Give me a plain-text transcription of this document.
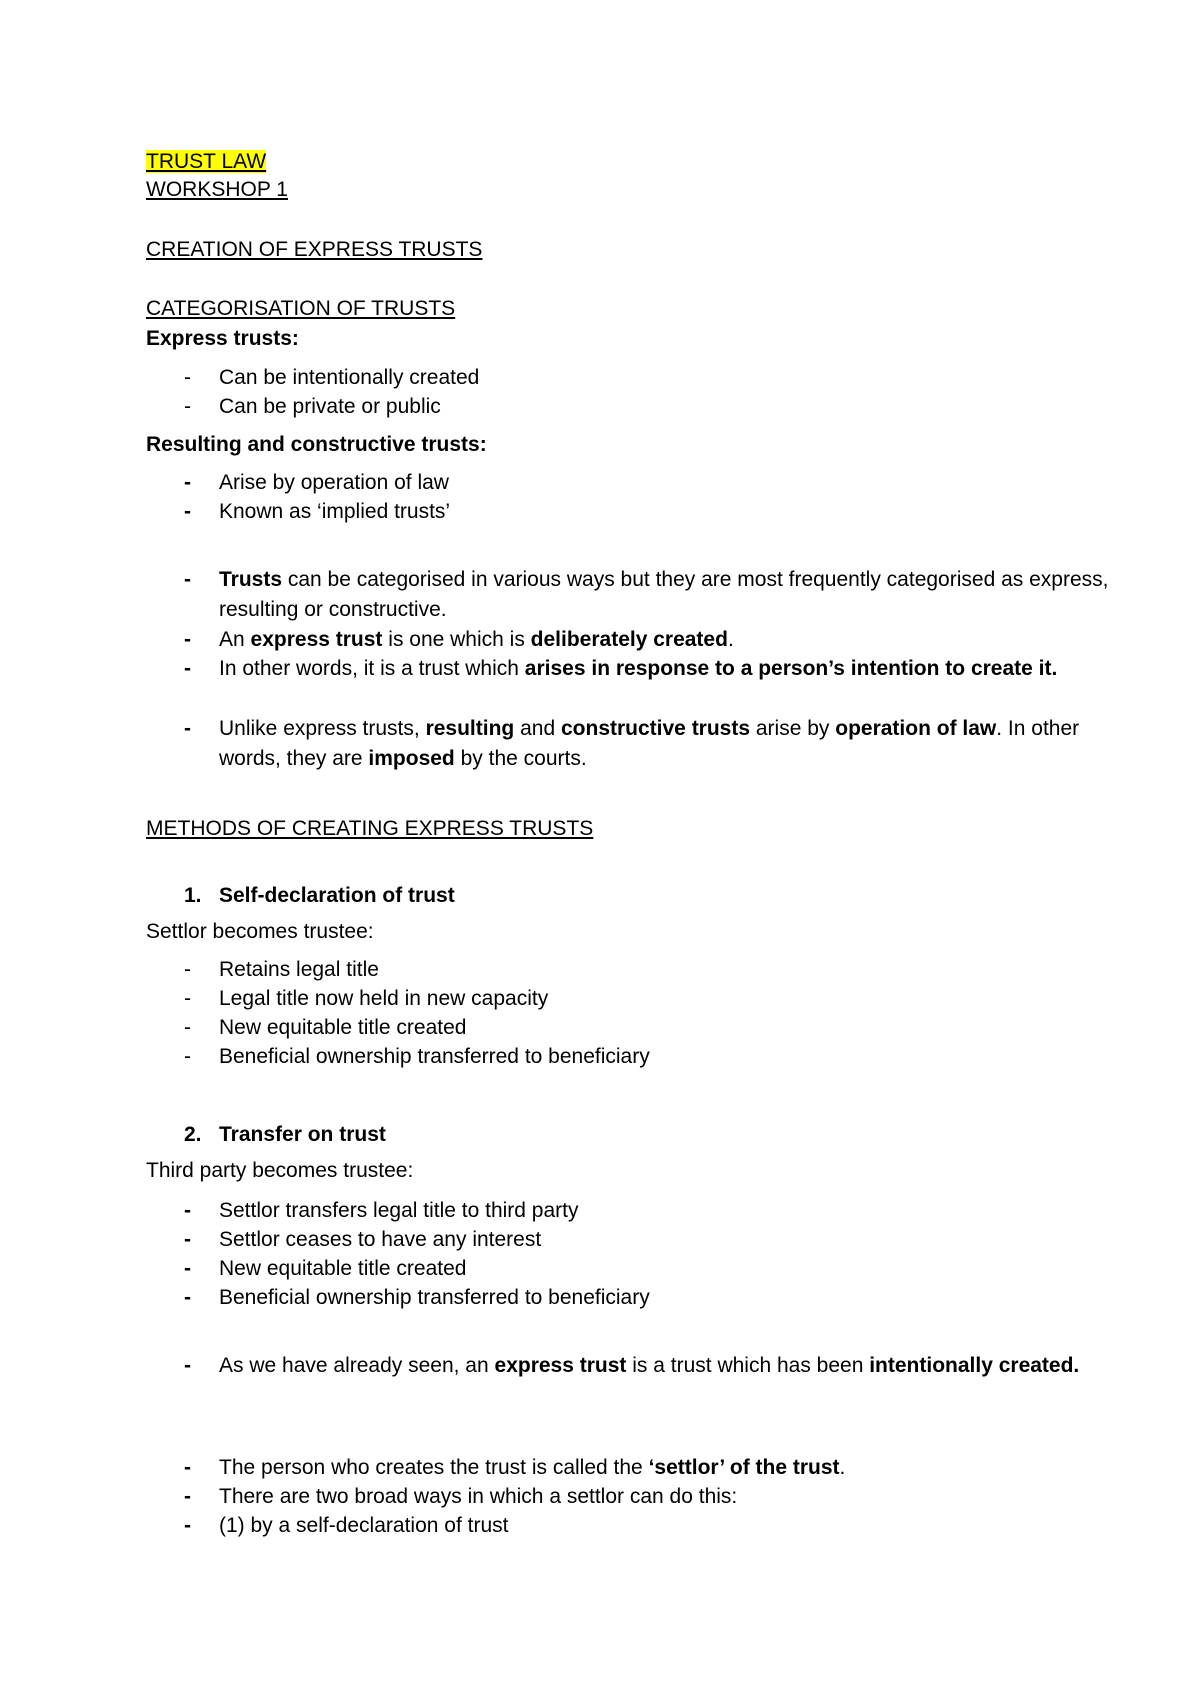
TRUST LAW
WORKSHOP 1
CREATION OF EXPRESS TRUSTS
CATEGORISATION OF TRUSTS
Express trusts:
- Can be intentionally created
- Can be private or public
Resulting and constructive trusts:
- Arise by operation of law
- Known as ‘implied trusts’
- Trusts can be categorised in various ways but they are most frequently categorised as express, resulting or constructive.
- An express trust is one which is deliberately created.
- In other words, it is a trust which arises in response to a person’s intention to create it.
- Unlike express trusts, resulting and constructive trusts arise by operation of law. In other words, they are imposed by the courts.
METHODS OF CREATING EXPRESS TRUSTS
1. Self-declaration of trust
Settlor becomes trustee:
- Retains legal title
- Legal title now held in new capacity
- New equitable title created
- Beneficial ownership transferred to beneficiary
2. Transfer on trust
Third party becomes trustee:
- Settlor transfers legal title to third party
- Settlor ceases to have any interest
- New equitable title created
- Beneficial ownership transferred to beneficiary
- As we have already seen, an express trust is a trust which has been intentionally created.
- The person who creates the trust is called the ‘settlor’ of the trust.
- There are two broad ways in which a settlor can do this:
- (1) by a self-declaration of trust
